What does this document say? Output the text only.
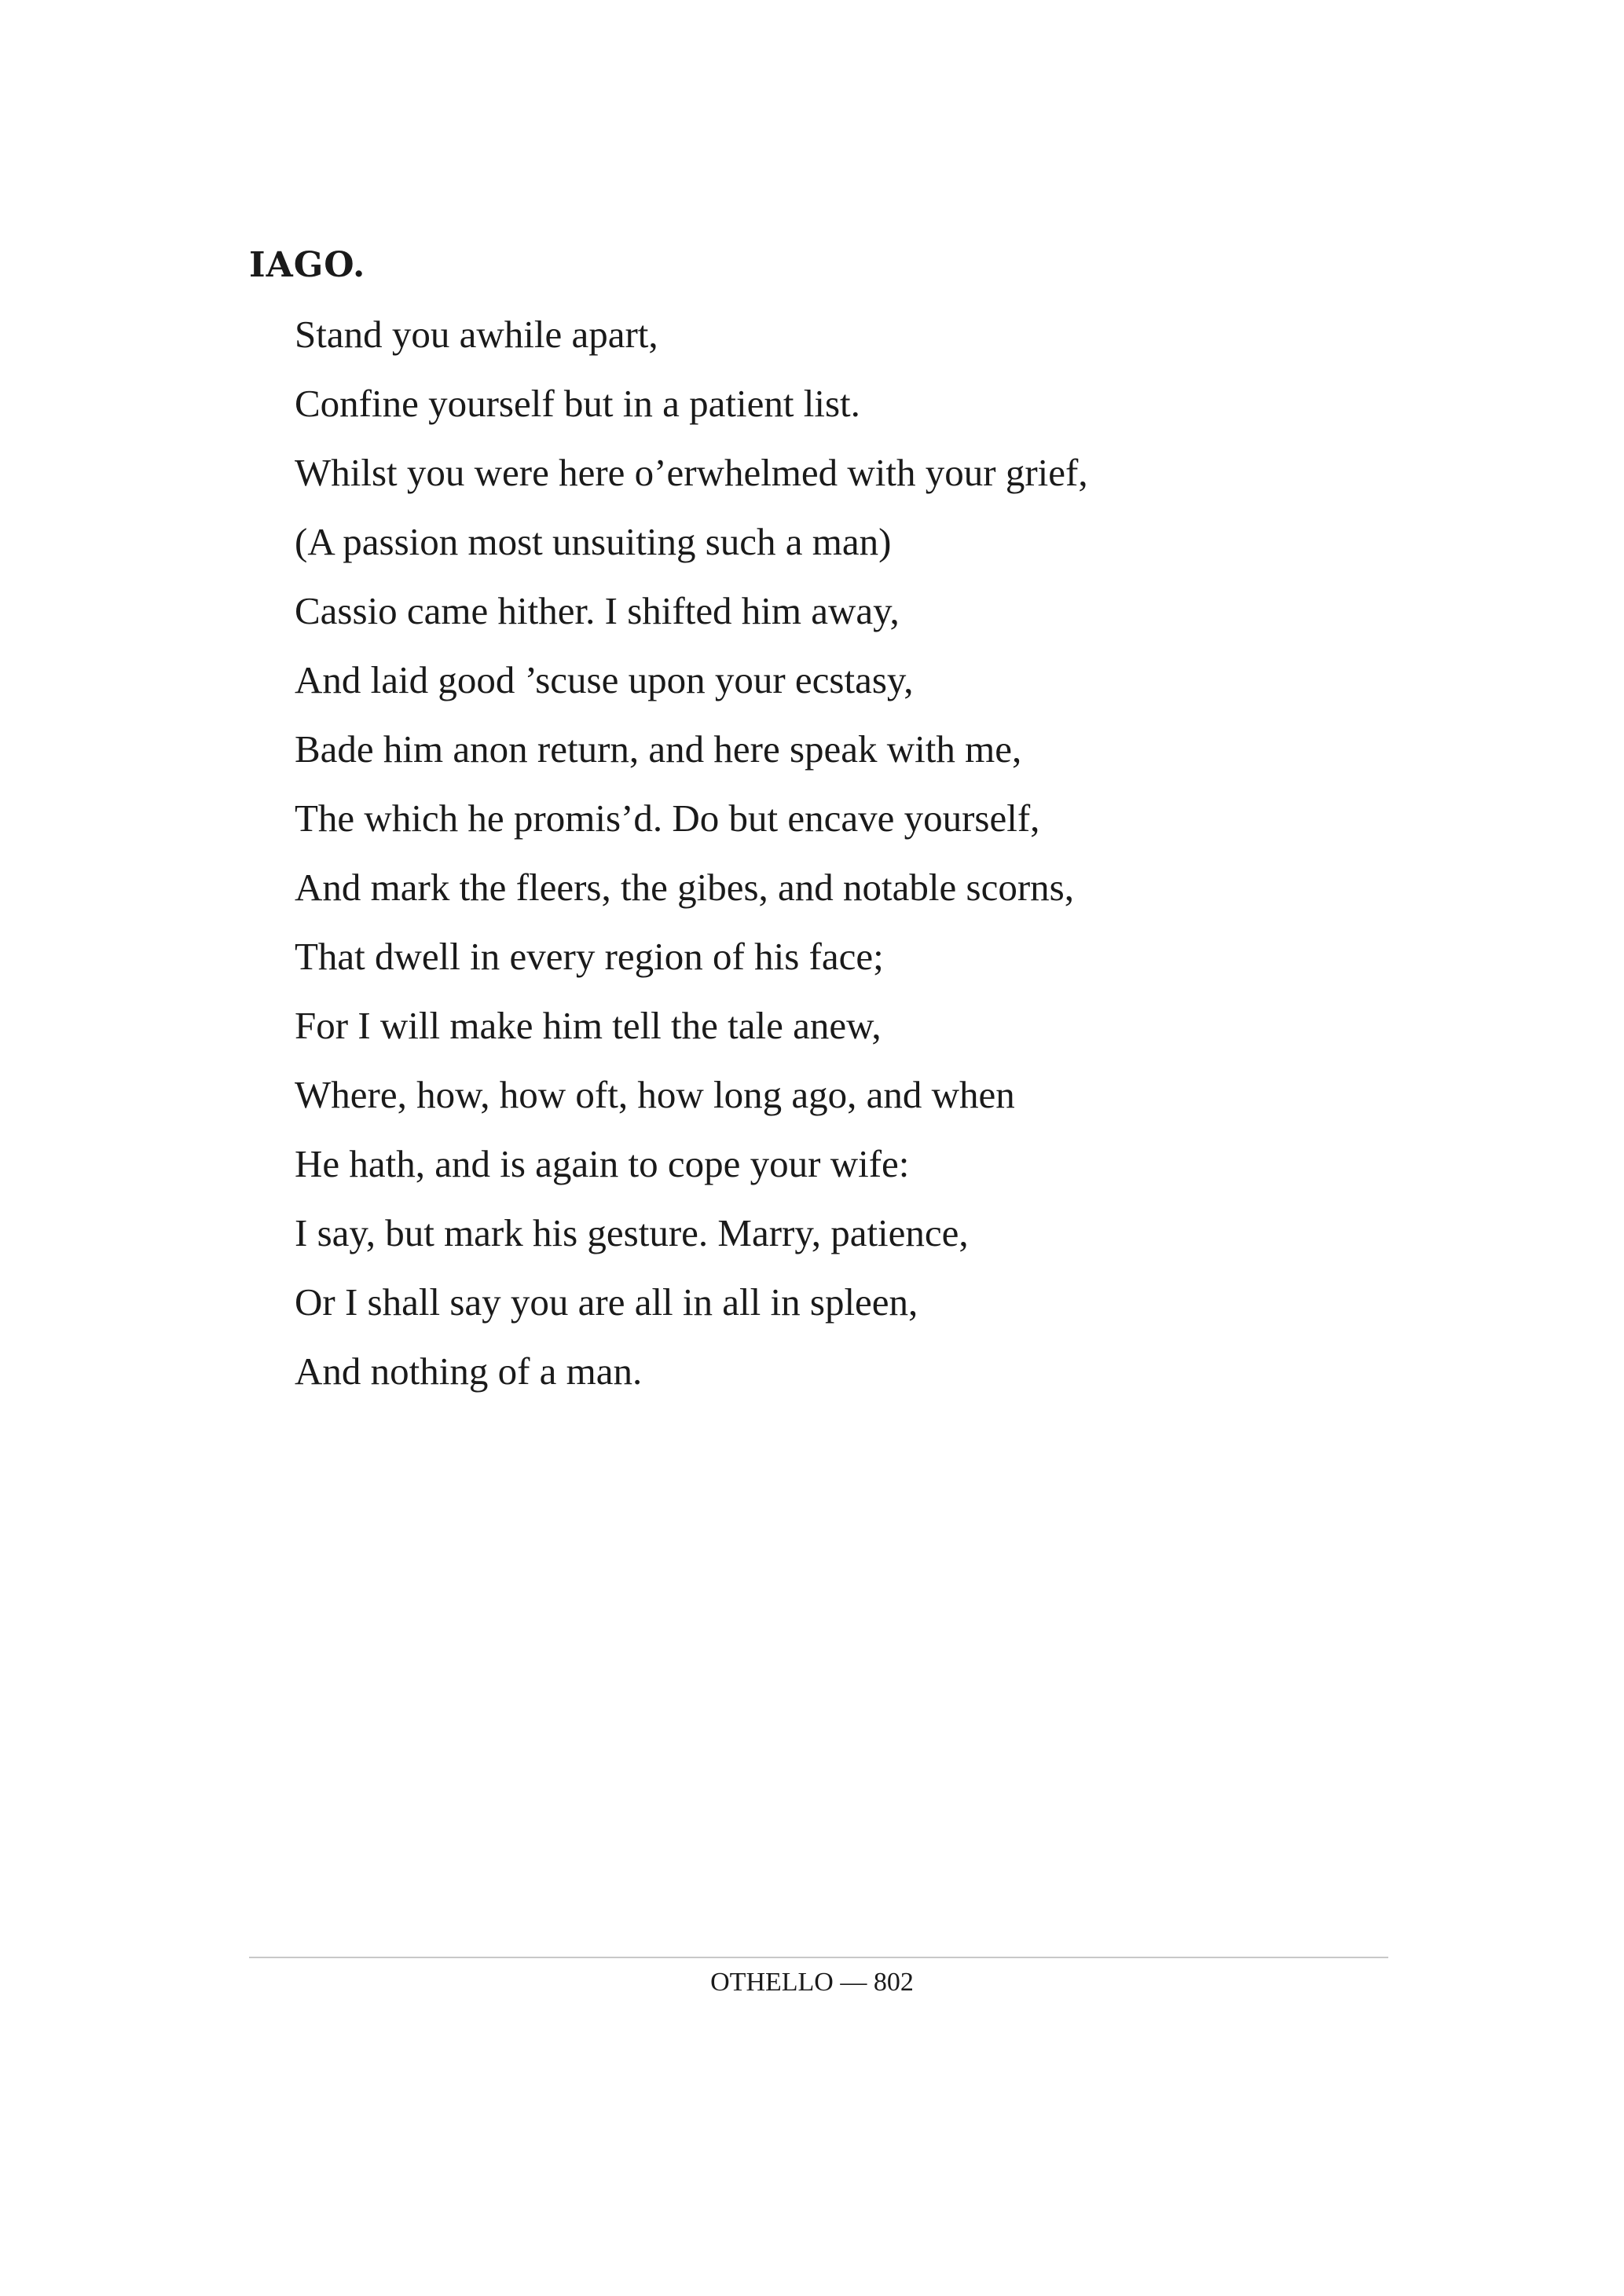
IAGO.
Stand you awhile apart,
Confine yourself but in a patient list.
Whilst you were here o’erwhelmed with your grief,
(A passion most unsuiting such a man)
Cassio came hither. I shifted him away,
And laid good ’scuse upon your ecstasy,
Bade him anon return, and here speak with me,
The which he promis’d. Do but encave yourself,
And mark the fleers, the gibes, and notable scorns,
That dwell in every region of his face;
For I will make him tell the tale anew,
Where, how, how oft, how long ago, and when
He hath, and is again to cope your wife:
I say, but mark his gesture. Marry, patience,
Or I shall say you are all in all in spleen,
And nothing of a man.
OTHELLO — 802
